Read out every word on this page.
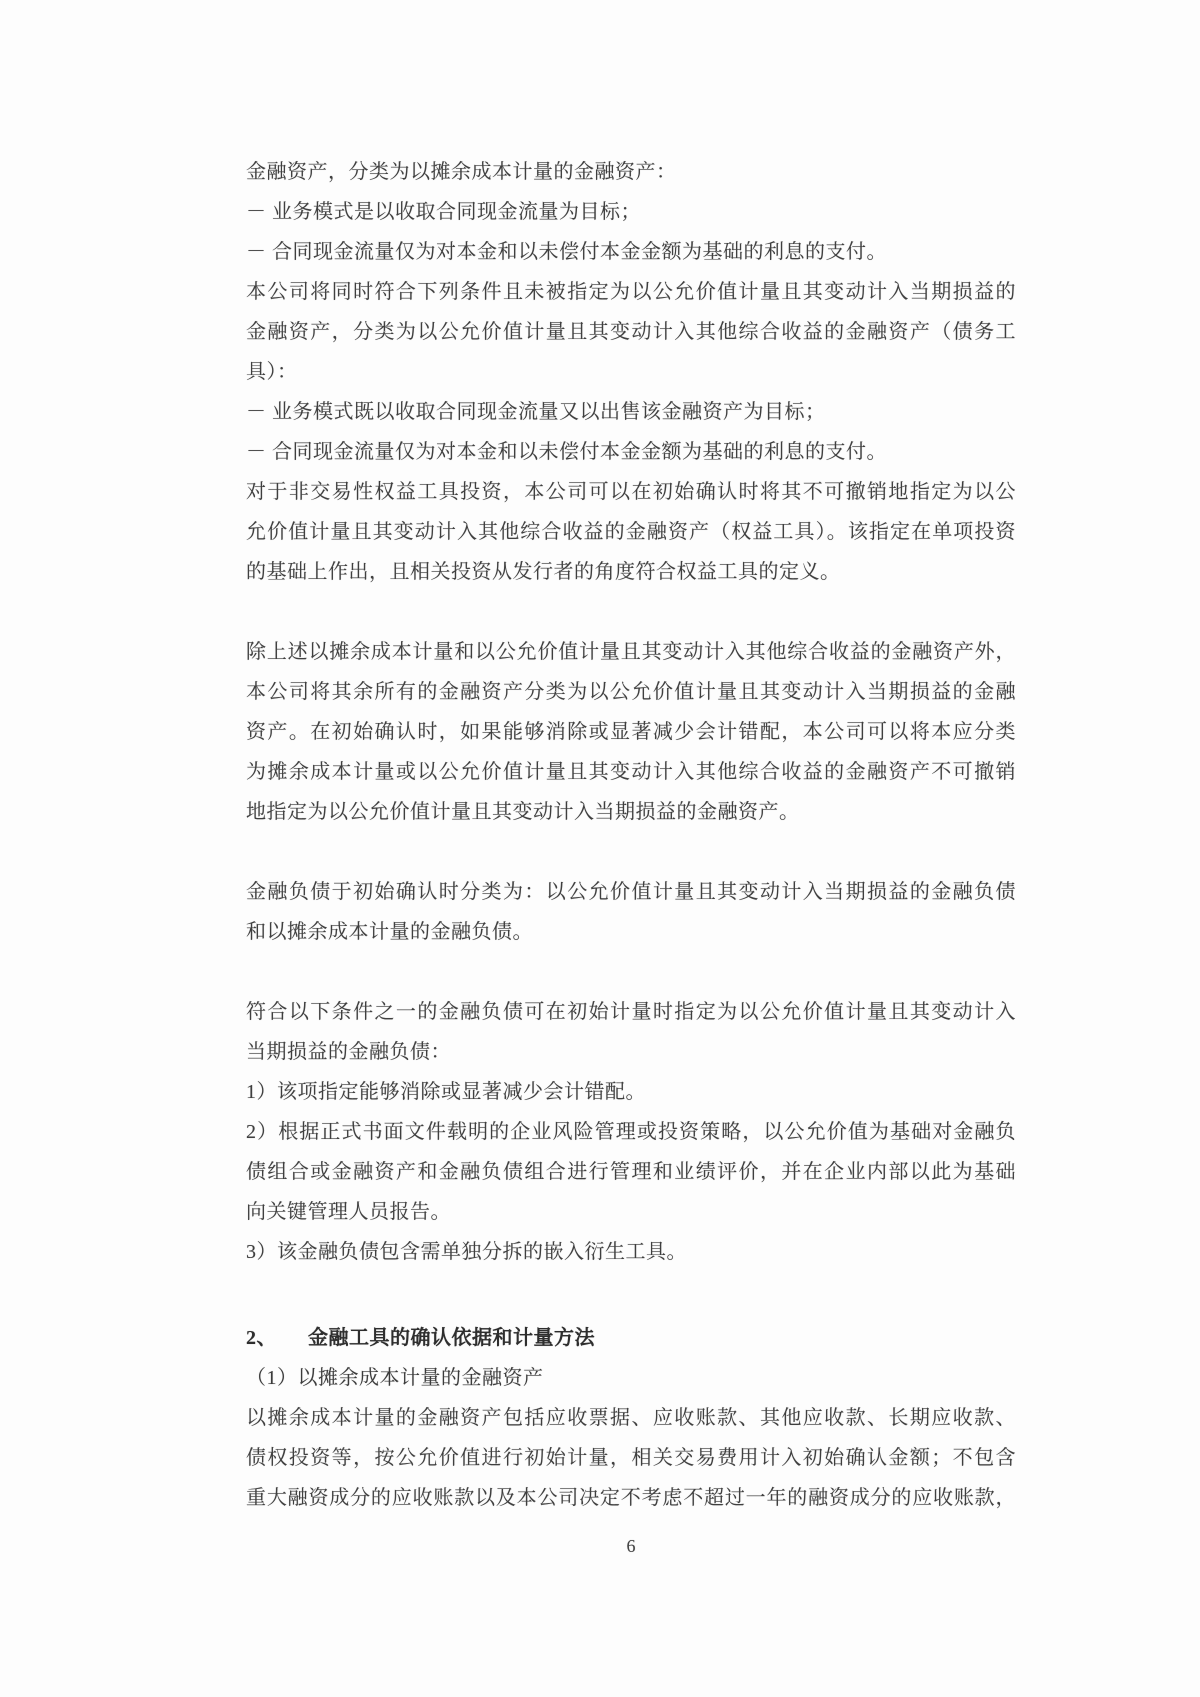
金融资产，分类为以摊余成本计量的金融资产：
－ 业务模式是以收取合同现金流量为目标；
－ 合同现金流量仅为对本金和以未偿付本金金额为基础的利息的支付。
本公司将同时符合下列条件且未被指定为以公允价值计量且其变动计入当期损益的
金融资产，分类为以公允价值计量且其变动计入其他综合收益的金融资产（债务工
具）：
－ 业务模式既以收取合同现金流量又以出售该金融资产为目标；
－ 合同现金流量仅为对本金和以未偿付本金金额为基础的利息的支付。
对于非交易性权益工具投资，本公司可以在初始确认时将其不可撤销地指定为以公
允价值计量且其变动计入其他综合收益的金融资产（权益工具）。该指定在单项投资
的基础上作出，且相关投资从发行者的角度符合权益工具的定义。
除上述以摊余成本计量和以公允价值计量且其变动计入其他综合收益的金融资产外，
本公司将其余所有的金融资产分类为以公允价值计量且其变动计入当期损益的金融
资产。在初始确认时，如果能够消除或显著减少会计错配，本公司可以将本应分类
为摊余成本计量或以公允价值计量且其变动计入其他综合收益的金融资产不可撤销
地指定为以公允价值计量且其变动计入当期损益的金融资产。
金融负债于初始确认时分类为：以公允价值计量且其变动计入当期损益的金融负债
和以摊余成本计量的金融负债。
符合以下条件之一的金融负债可在初始计量时指定为以公允价值计量且其变动计入
当期损益的金融负债：
1）该项指定能够消除或显著减少会计错配。
2）根据正式书面文件载明的企业风险管理或投资策略，以公允价值为基础对金融负
债组合或金融资产和金融负债组合进行管理和业绩评价，并在企业内部以此为基础
向关键管理人员报告。
3）该金融负债包含需单独分拆的嵌入衍生工具。
2、 金融工具的确认依据和计量方法
（1）以摊余成本计量的金融资产
以摊余成本计量的金融资产包括应收票据、应收账款、其他应收款、长期应收款、
债权投资等，按公允价值进行初始计量，相关交易费用计入初始确认金额；不包含
重大融资成分的应收账款以及本公司决定不考虑不超过一年的融资成分的应收账款，
6
